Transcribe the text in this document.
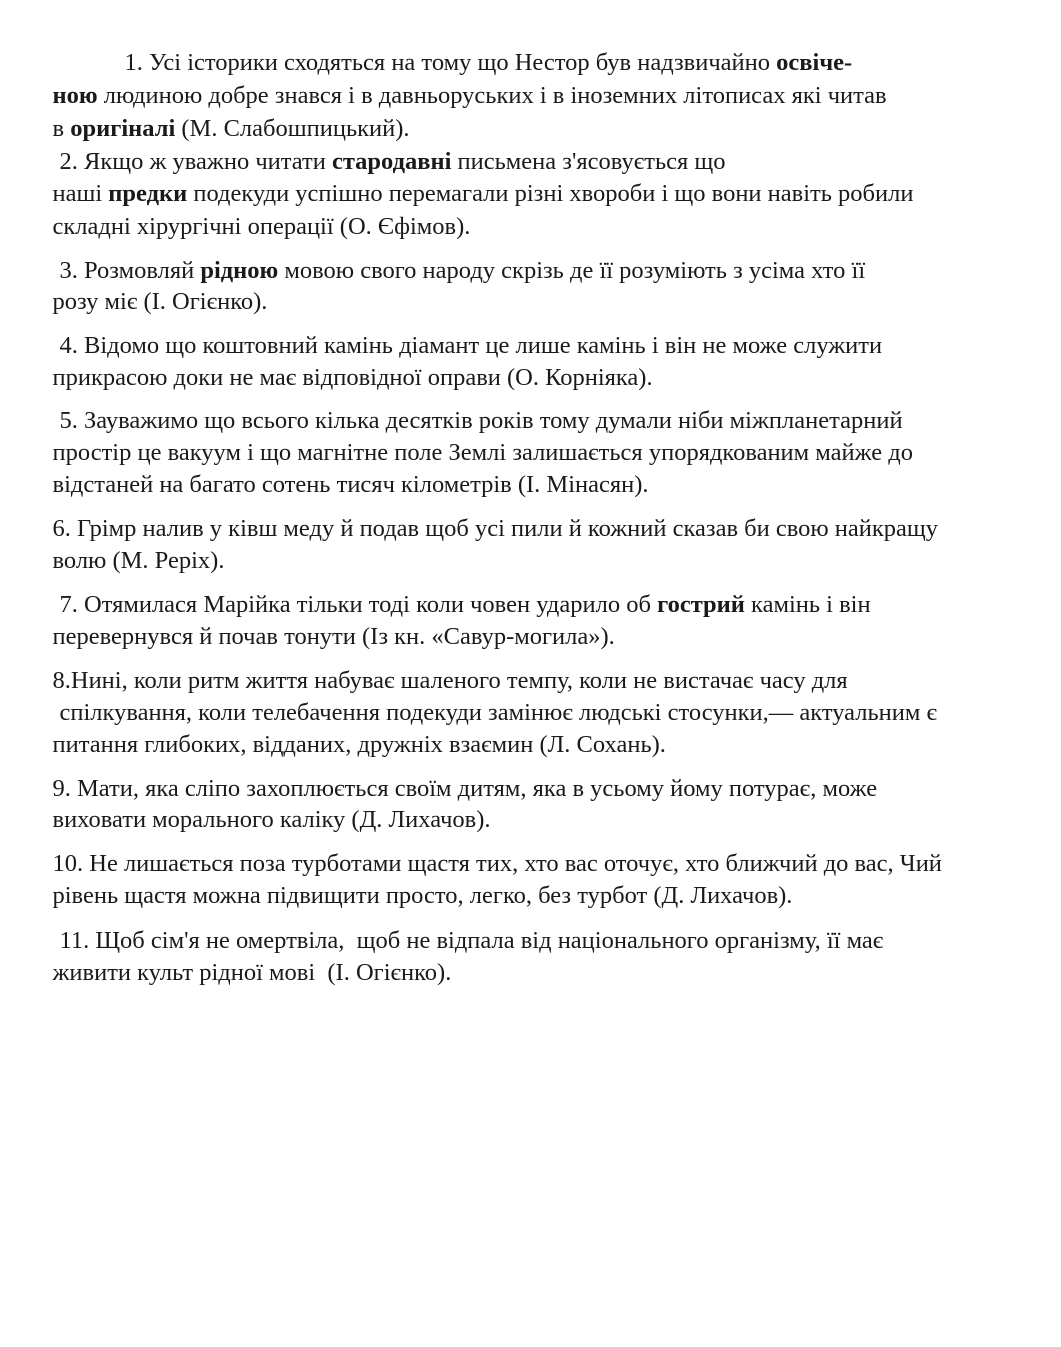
1. Усі історики сходяться на тому що Нестор був надзвичайно освіче-

ною людиною добре знався і в давньоруських і в іноземних літописах які читав

в оригіналі (М. Слабошпицький).

2. Якщо ж уважно читати стародавні письмена з'ясовується що

наші предки подекуди успішно перемагали різні хвороби і що вони навіть робили

складні хірургічні операції (О. Єфімов).

3. Розмовляй рідною мовою свого народу скрізь де її розуміють з усіма хто її

розу міє (І. Огієнко).

4. Відомо що коштовний камінь діамант це лише камінь і він не може служити

прикрасою доки не має відповідної оправи (О. Корніяка).

5. Зауважимо що всього кілька десятків років тому думали ніби міжпланетарний

простір це вакуум і що магнітне поле Землі залишається упорядкованим майже до

відстаней на багато сотень тисяч кілометрів (І. Мінасян).

6. Грімр налив у ківш меду й подав щоб усі пили й кожний сказав би свою найкращу

волю (М. Реріх).

7. Отямилася Марійка тільки тоді коли човен ударило об гострий камінь і він

перевернувся й почав тонути (Із кн. «Савур-могила»).

8.Нині, коли ритм життя набуває шаленого темпу, коли не вистачає часу для

спілкування, коли телебачення подекуди замінює людські стосунки,— актуальним є

питання глибоких, відданих, дружніх взаємин (Л. Сохань).

9. Мати, яка сліпо захоплюється своїм дитям, яка в усьому йому потурає, може

виховати морального каліку (Д. Лихачов).

10. Не лишається поза турботами щастя тих, хто вас оточує, хто ближчий до вас, Чий

рівень щастя можна підвищити просто, легко, без турбот (Д. Лихачов).

11. Щоб сім'я не омертвіла,  щоб не відпала від національного організму, її має

живити культ рідної мові  (І. Огієнко).
